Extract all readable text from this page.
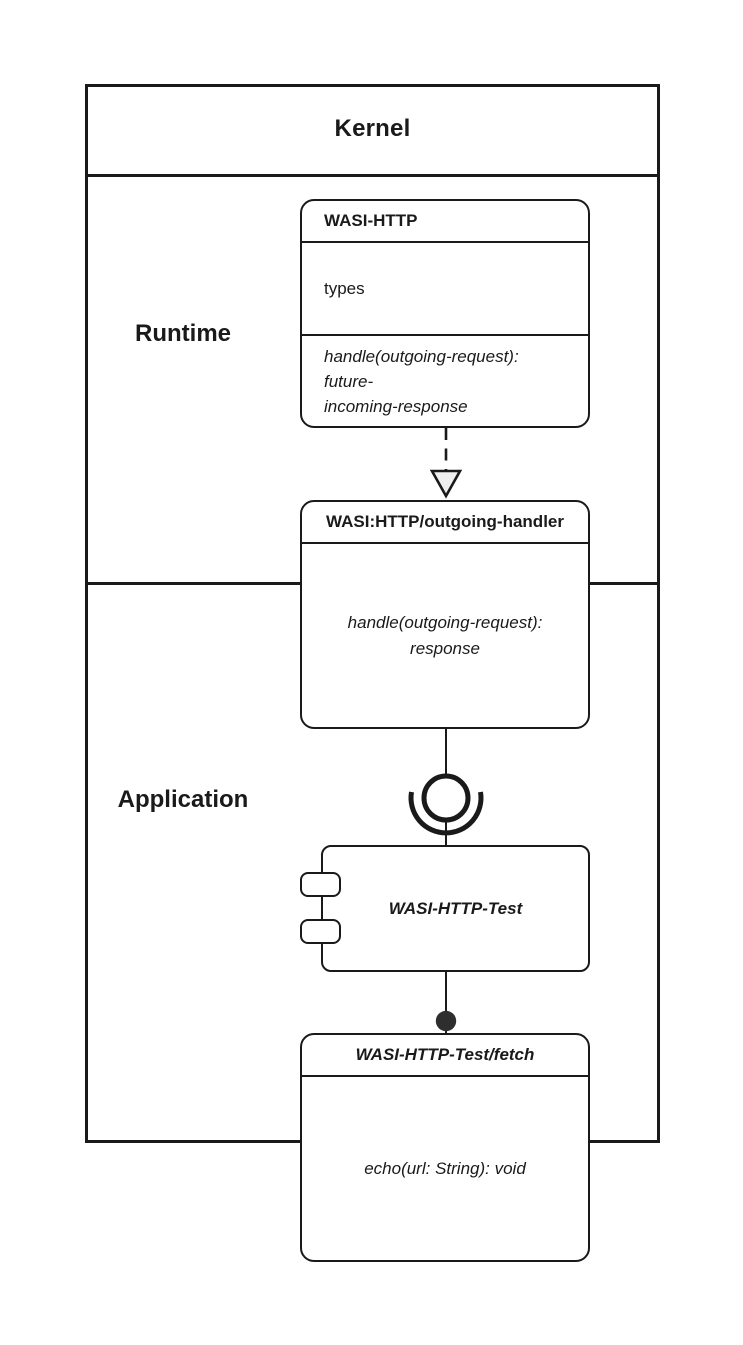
Kernel
Runtime
Application
WASI-HTTP
types
handle(outgoing-request): future-
incoming-response
WASI:HTTP/outgoing-handler
handle(outgoing-request):
response
WASI-HTTP-Test
WASI-HTTP-Test/fetch
echo(url: String): void
